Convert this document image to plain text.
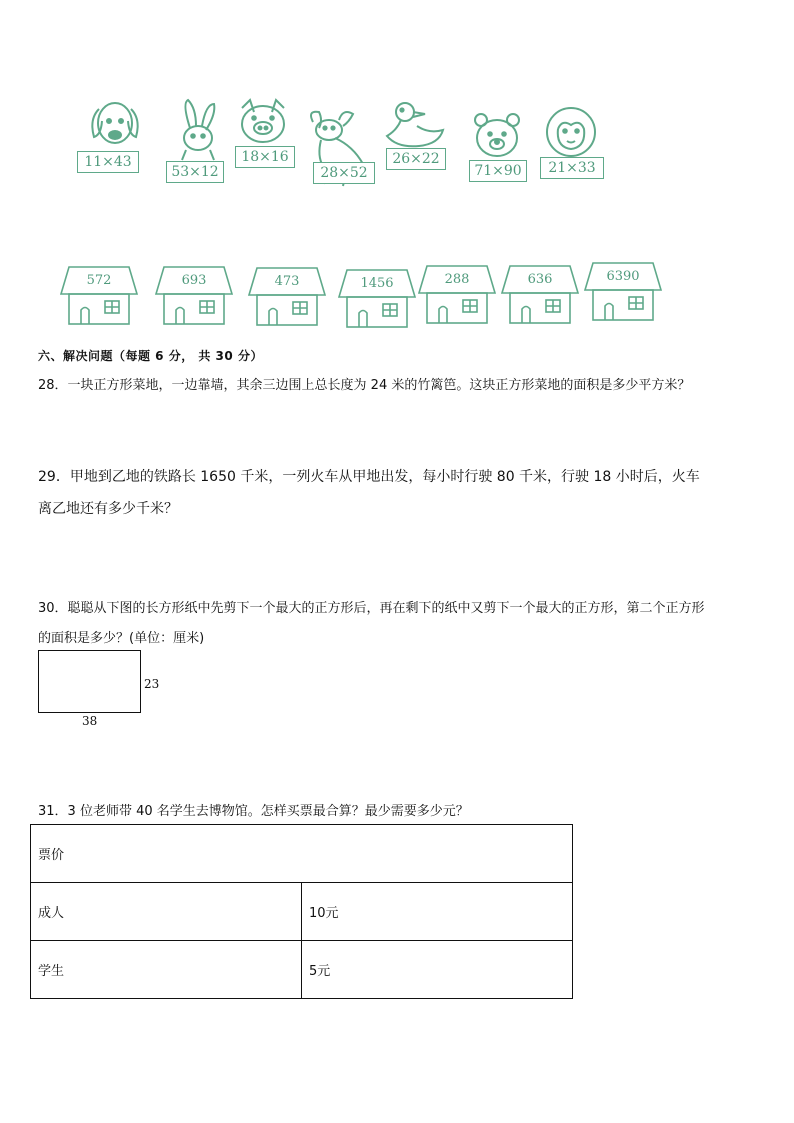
11×43
53×12
18×16
28×52
26×22
71×90	21×33
572	693	473	1456	288	636	6390
六、解决问题（每题 6 分， 共 30 分）
28．一块正方形菜地，一边靠墙，其余三边围上总长度为 24 米的竹篱笆。这块正方形菜地的面积是多少平方米？
29．甲地到乙地的铁路长 1650 千米，一列火车从甲地出发，每小时行驶 80 千米，行驶 18 小时后，火车
离乙地还有多少千米？
30．聪聪从下图的长方形纸中先剪下一个最大的正方形后，再在剩下的纸中又剪下一个最大的正方形，第二个正方形
的面积是多少？(单位：厘米)
23
38
31．3 位老师带 40 名学生去博物馆。怎样买票最合算？最少需要多少元？
票价	
成人	10元
学生	5元
